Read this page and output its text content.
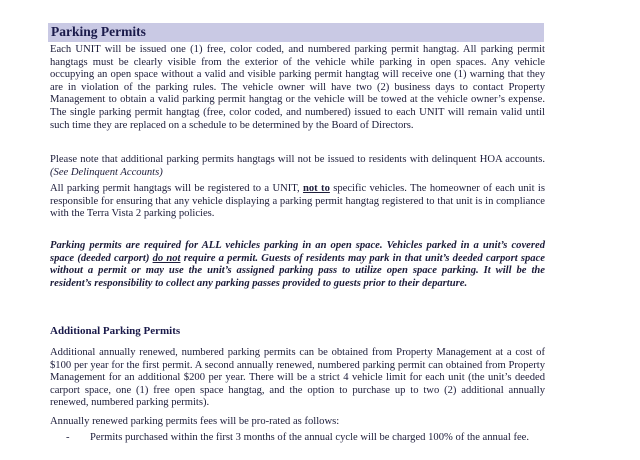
Parking Permits

Each UNIT will be issued one (1) free, color coded, and numbered parking permit hangtag. All parking permit hangtags must be clearly visible from the exterior of the vehicle while parking in open spaces. Any vehicle occupying an open space without a valid and visible parking permit hangtag will receive one (1) warning that they are in violation of the parking rules. The vehicle owner will have two (2) business days to contact Property Management to obtain a valid parking permit hangtag or the vehicle will be towed at the vehicle owner’s expense. The single parking permit hangtag (free, color coded, and numbered) issued to each UNIT will remain valid until such time they are replaced on a schedule to be determined by the Board of Directors.

Please note that additional parking permits hangtags will not be issued to residents with delinquent HOA accounts. (See Delinquent Accounts)

All parking permit hangtags will be registered to a UNIT, not to specific vehicles. The homeowner of each unit is responsible for ensuring that any vehicle displaying a parking permit hangtag registered to that unit is in compliance with the Terra Vista 2 parking policies.

Parking permits are required for ALL vehicles parking in an open space. Vehicles parked in a unit’s covered space (deeded carport) do not require a permit. Guests of residents may park in that unit’s deeded carport space without a permit or may use the unit’s assigned parking pass to utilize open space parking. It will be the resident’s responsibility to collect any parking passes provided to guests prior to their departure.

Additional Parking Permits

Additional annually renewed, numbered parking permits can be obtained from Property Management at a cost of $100 per year for the first permit. A second annually renewed, numbered parking permit can obtained from Property Management for an additional $200 per year. There will be a strict 4 vehicle limit for each unit (the unit’s deeded carport space, one (1) free open space hangtag, and the option to purchase up to two (2) additional annually renewed, numbered parking permits).

Annually renewed parking permits fees will be pro-rated as follows:

- Permits purchased within the first 3 months of the annual cycle will be charged 100% of the annual fee.
